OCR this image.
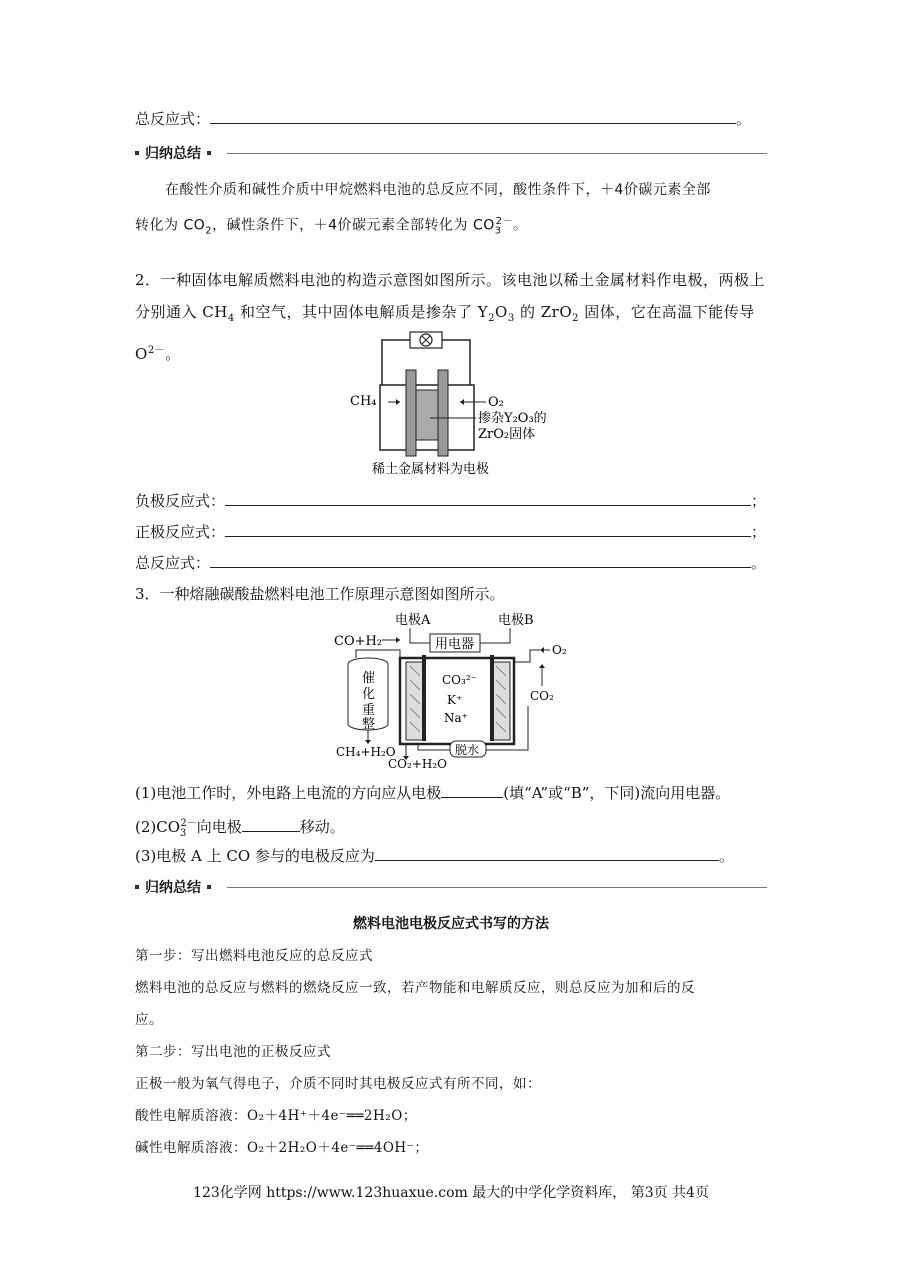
总反应式：	。
归纳总结
在酸性介质和碱性介质中甲烷燃料电池的总反应不同，酸性条件下，＋4价碳元素全部
转化为 $CO_2$，碱性条件下，＋4价碳元素全部转化为 $CO_3^{2-}$。
2．一种固体电解质燃料电池的构造示意图如图所示。该电池以稀土金属材料作电极，两极上
分别通入 $CH_4$ 和空气，其中固体电解质是掺杂了 $Y_2O_3$ 的 ZrO$_2$ 固体，它在高温下能传导 $O^{2-}$。
CH₄	O₂
掺杂Y₂O₃的
ZrO₂固体
稀土金属材料为电极
负极反应式：	；
正极反应式：	；
总反应式：	。
3．一种熔融碳酸盐燃料电池工作原理示意图如图所示。
电极A	电极B
用电器
CO+H₂
催
化
重
整
CO₃²⁻
K⁺
Na⁺
O₂
CO₂
脱水
CH₄+H₂O
CO₂+H₂O
(1)电池工作时，外电路上电流的方向应从电极	(填“A”或“B”，下同)流向用电器。
$(2)CO_3^{2-}$向电极	移动。
(3)电极 A 上 CO 参与的电极反应为	。
归纳总结
燃料电池电极反应式书写的方法
第一步：写出燃料电池反应的总反应式
燃料电池的总反应与燃料的燃烧反应一致，若产物能和电解质反应，则总反应为加和后的反
应。
第二步：写出电池的正极反应式
正极一般为氧气得电子，介质不同时其电极反应式有所不同，如：
酸性电解质溶液：O₂＋4H⁺＋4e⁻══2H₂O；
碱性电解质溶液：O₂＋2H₂O＋4e⁻══4OH⁻；
123化学网 https://www.123huaxue.com 最大的中学化学资料库， 第3页 共4页
